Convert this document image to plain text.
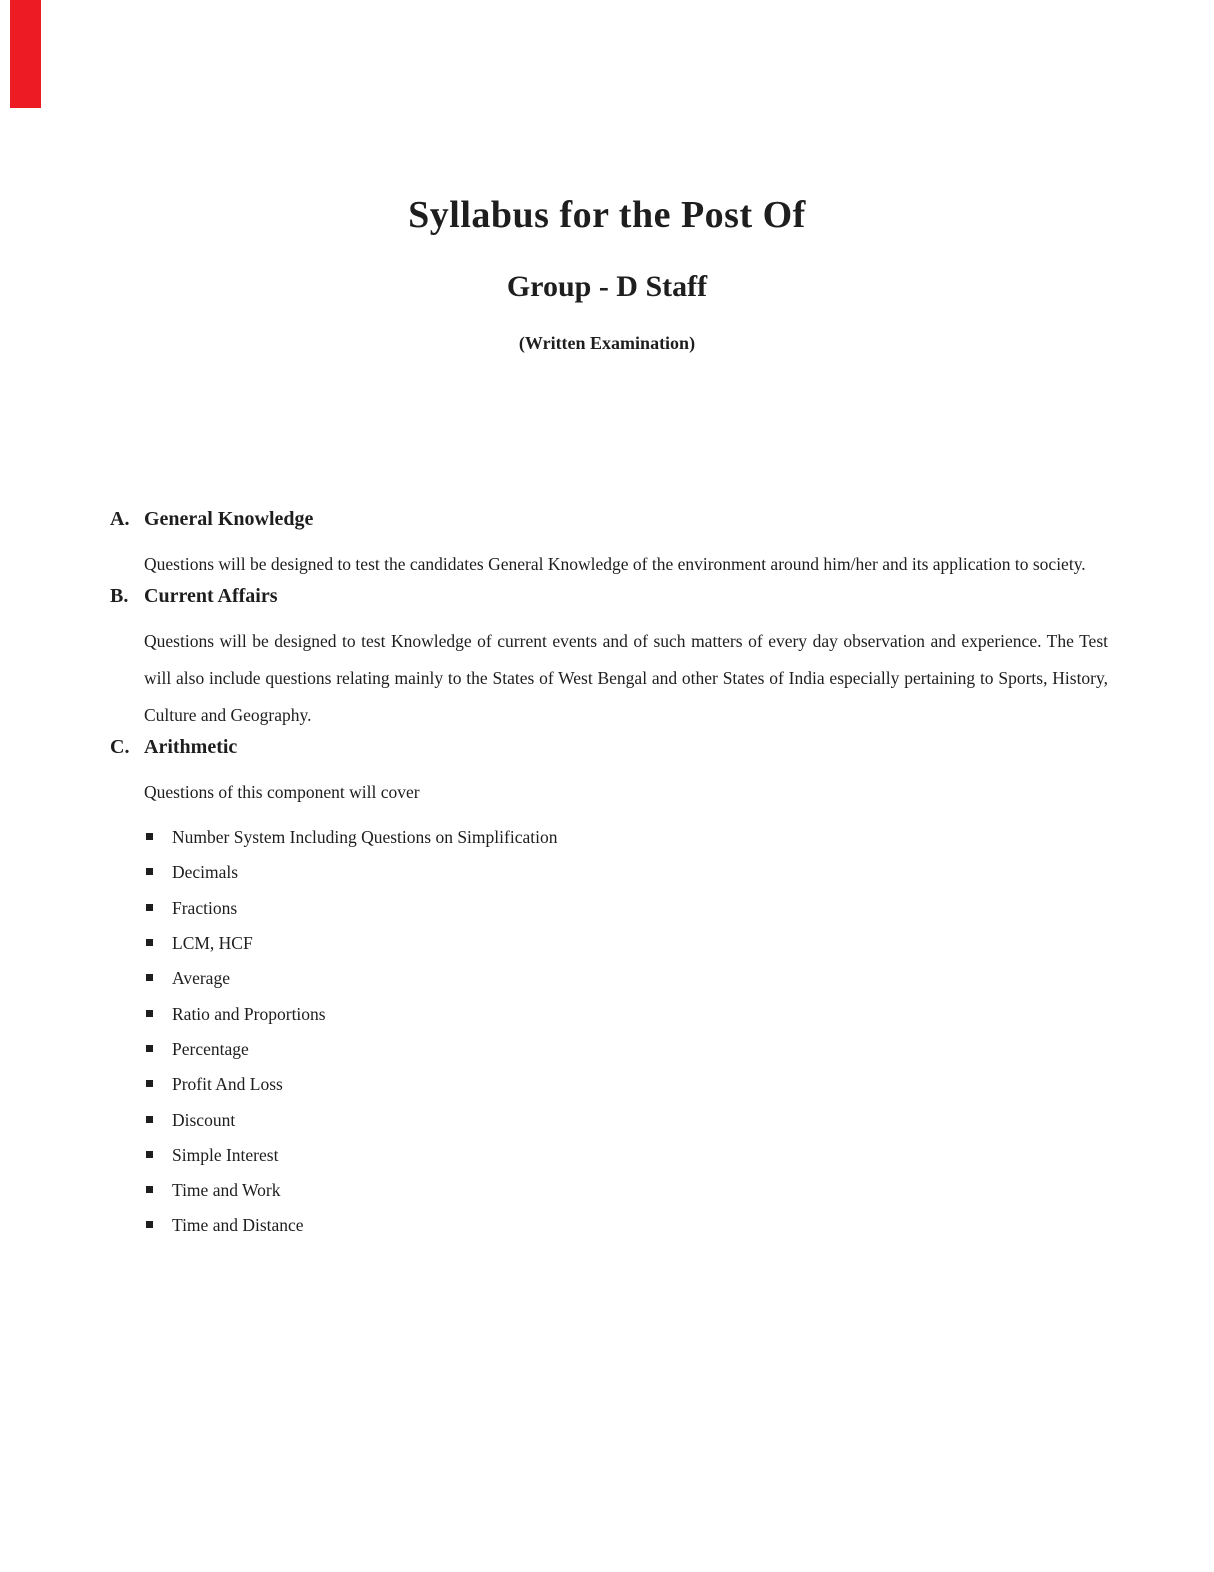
Syllabus for the Post Of
Group - D Staff
(Written Examination)
A. General Knowledge

Questions will be designed to test the candidates General Knowledge of the environment around him/her and its application to society.

B. Current Affairs

Questions will be designed to test Knowledge of current events and of such matters of every day observation and experience. The Test will also include questions relating mainly to the States of West Bengal and other States of India especially pertaining to Sports, History, Culture and Geography.

C. Arithmetic

Questions of this component will cover

Number System Including Questions on Simplification
Decimals
Fractions
LCM, HCF
Average
Ratio and Proportions
Percentage
Profit And Loss
Discount
Simple Interest
Time and Work
Time and Distance
